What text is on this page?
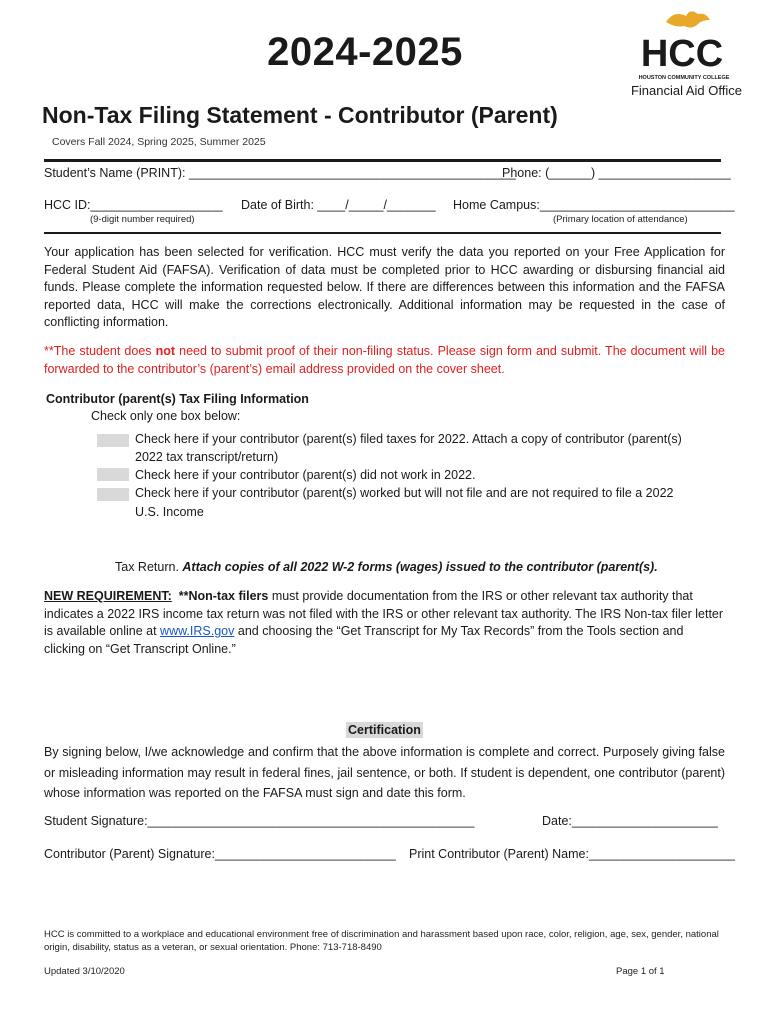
2024-2025	HCC
HOUSTON COMMUNITY COLLEGE
Financial Aid Office
Non-Tax Filing Statement - Contributor (Parent)
Covers Fall 2024, Spring 2025, Summer 2025
Student’s Name (PRINT): _______________________________________________
Phone: (______) ___________________
HCC ID:___________________
(9-digit number required)
Date of Birth: ____/_____/_______ Home Campus:____________________________
(Primary location of attendance)
Your application has been selected for verification. HCC must verify the data you reported on your Free Application for Federal Student Aid (FAFSA). Verification of data must be completed prior to HCC awarding or disbursing financial aid funds. Please complete the information requested below. If there are differences between this information and the FAFSA reported data, HCC will make the corrections electronically. Additional information may be requested in the case of conflicting information.
**The student does not need to submit proof of their non-filing status. Please sign form and submit. The document will be forwarded to the contributor’s (parent’s) email address provided on the cover sheet.
Contributor (parent(s) Tax Filing Information
Check only one box below:
Check here if your contributor (parent(s) filed taxes for 2022. Attach a copy of contributor (parent(s)
2022 tax transcript/return)
Check here if your contributor (parent(s) did not work in 2022.
Check here if your contributor (parent(s) worked but will not file and are not required to file a 2022
U.S. Income
Tax Return. Attach copies of all 2022 W-2 forms (wages) issued to the contributor (parent(s).
NEW REQUIREMENT: **Non-tax filers must provide documentation from the IRS or other relevant tax authority that indicates a 2022 IRS income tax return was not filed with the IRS or other relevant tax authority. The IRS Non-tax filer letter is available online at www.IRS.gov and choosing the “Get Transcript for My Tax Records” from the Tools section and clicking on “Get Transcript Online.”
Certification
By signing below, I/we acknowledge and confirm that the above information is complete and correct. Purposely giving false or misleading information may result in federal fines, jail sentence, or both. If student is dependent, one contributor (parent) whose information was reported on the FAFSA must sign and date this form.
Student Signature:_______________________________________________	Date:_____________________
Contributor (Parent) Signature:__________________________ Print Contributor (Parent) Name:_____________________
HCC is committed to a workplace and educational environment free of discrimination and harassment based upon race, color, religion, age, sex, gender, national origin, disability, status as a veteran, or sexual orientation. Phone: 713-718-8490
Updated 3/10/2020	Page 1 of 1
